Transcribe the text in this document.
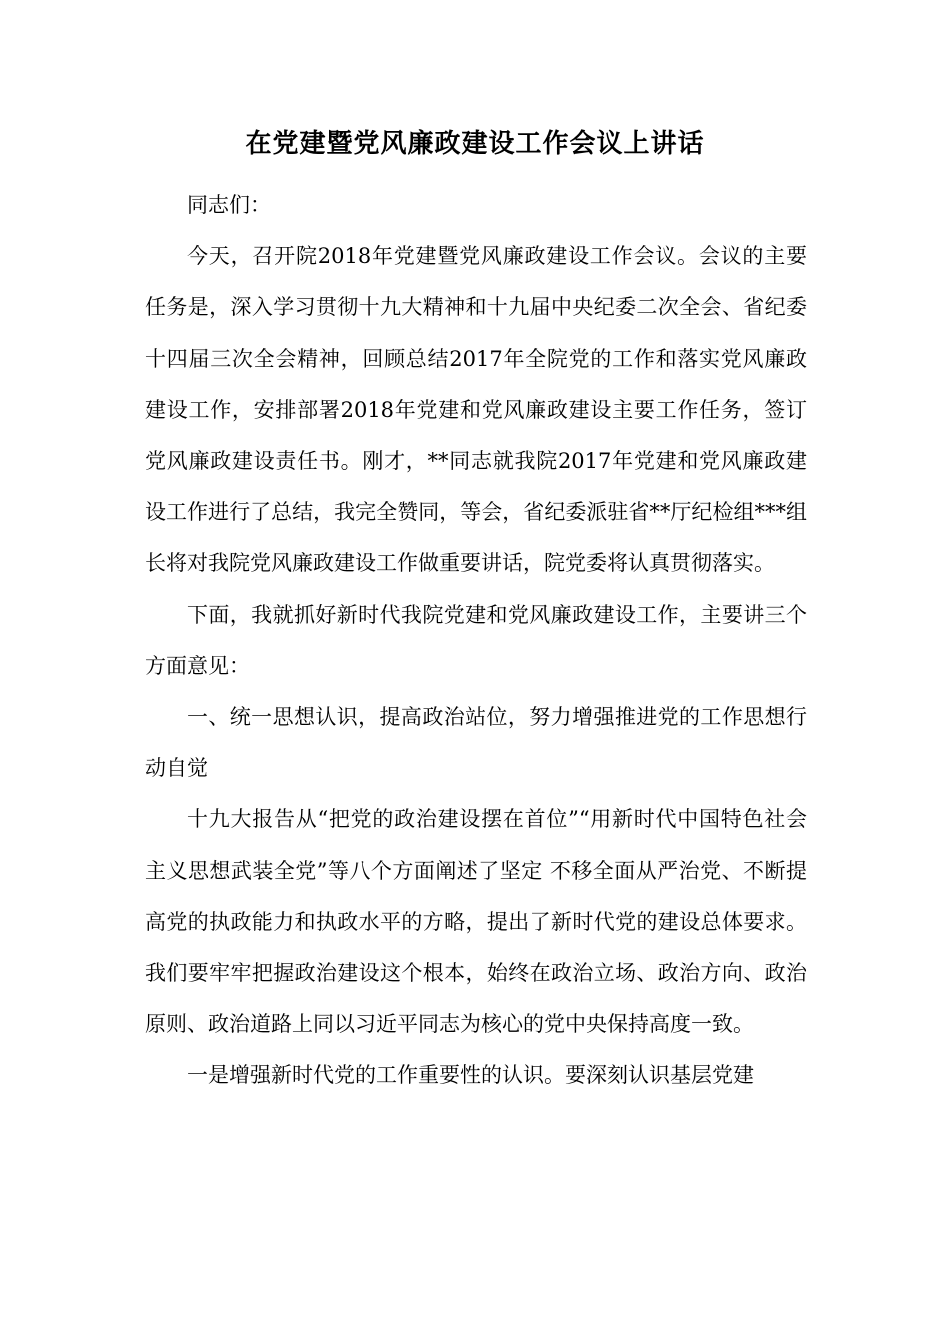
在党建暨党风廉政建设工作会议上讲话

同志们：

今天，召开院2018年党建暨党风廉政建设工作会议。会议的主要任务是，深入学习贯彻十九大精神和十九届中央纪委二次全会、省纪委十四届三次全会精神，回顾总结2017年全院党的工作和落实党风廉政建设工作，安排部署2018年党建和党风廉政建设主要工作任务，签订党风廉政建设责任书。刚才，**同志就我院2017年党建和党风廉政建设工作进行了总结，我完全赞同，等会，省纪委派驻省**厅纪检组***组长将对我院党风廉政建设工作做重要讲话，院党委将认真贯彻落实。

下面，我就抓好新时代我院党建和党风廉政建设工作，主要讲三个方面意见：

一、统一思想认识，提高政治站位，努力增强推进党的工作思想行动自觉

十九大报告从“把党的政治建设摆在首位”“用新时代中国特色社会主义思想武装全党”等八个方面阐述了坚定 不移全面从严治党、不断提高党的执政能力和执政水平的方略，提出了新时代党的建设总体要求。我们要牢牢把握政治建设这个根本，始终在政治立场、政治方向、政治原则、政治道路上同以习近平同志为核心的党中央保持高度一致。

一是增强新时代党的工作重要性的认识。要深刻认识基层党建
